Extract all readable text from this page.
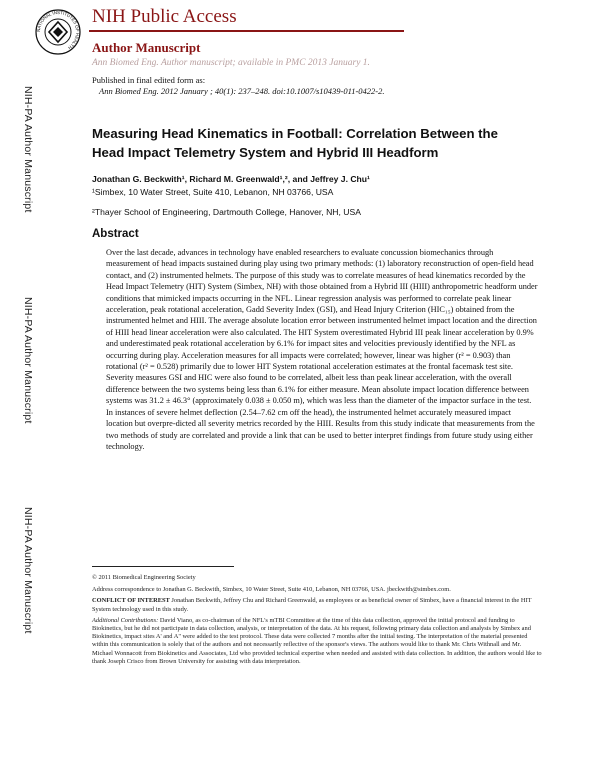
NATIONAL INSTITUTES OF HEALTH
NIH Public Access
Author Manuscript
Ann Biomed Eng. Author manuscript; available in PMC 2013 January 1.
Published in final edited form as:
Ann Biomed Eng. 2012 January ; 40(1): 237–248. doi:10.1007/s10439-011-0422-2.
NIH-PA Author Manuscript
NIH-PA Author Manuscript
NIH-PA Author Manuscript
Measuring Head Kinematics in Football: Correlation Between the Head Impact Telemetry System and Hybrid III Headform
Jonathan G. Beckwith¹, Richard M. Greenwald¹,², and Jeffrey J. Chu¹
¹Simbex, 10 Water Street, Suite 410, Lebanon, NH 03766, USA
²Thayer School of Engineering, Dartmouth College, Hanover, NH, USA
Abstract

Over the last decade, advances in technology have enabled researchers to evaluate concussion biomechanics through measurement of head impacts sustained during play using two primary methods: (1) laboratory reconstruction of open-field head contact, and (2) instrumented helmets. The purpose of this study was to correlate measures of head kinematics recorded by the Head Impact Telemetry (HIT) System (Simbex, NH) with those obtained from a Hybrid III (HIII) anthropometric headform under conditions that mimicked impacts occurring in the NFL. Linear regression analysis was performed to correlate peak linear acceleration, peak rotational acceleration, Gadd Severity Index (GSI), and Head Injury Criterion (HIC₁₅) obtained from the instrumented helmet and HIII. The average absolute location error between instrumented helmet impact location and the direction of HIII head linear acceleration were also calculated. The HIT System overestimated Hybrid III peak linear acceleration by 0.9% and underestimated peak rotational acceleration by 6.1% for impact sites and velocities previously identified by the NFL as occurring during play. Acceleration measures for all impacts were correlated; however, linear was higher (r² = 0.903) than rotational (r² = 0.528) primarily due to lower HIT System rotational acceleration estimates at the frontal facemask test site. Severity measures GSI and HIC were also found to be correlated, albeit less than peak linear acceleration, with the overall difference between the two systems being less than 6.1% for either measure. Mean absolute impact location difference between systems was 31.2 ± 46.3° (approximately 0.038 ± 0.050 m), which was less than the diameter of the impactor surface in the test. In instances of severe helmet deflection (2.54–7.62 cm off the head), the instrumented helmet accurately measured impact location but overpre-dicted all severity metrics recorded by the HIII. Results from this study indicate that measurements from the two methods of study are correlated and provide a link that can be used to better interpret findings from future study using either technology.

© 2011 Biomedical Engineering Society

Address correspondence to Jonathan G. Beckwith, Simbex, 10 Water Street, Suite 410, Lebanon, NH 03766, USA. jbeckwith@simbex.com.

CONFLICT OF INTEREST Jonathan Beckwith, Jeffrey Chu and Richard Greenwald, as employees or as beneficial owner of Simbex, have a financial interest in the HIT System technology used in this study.

Additional Contributions: David Viano, as co-chairman of the NFL's mTBI Committee at the time of this data collection, approved the initial protocol and funding to Biokinetics, but he did not participate in data collection, analysis, or interpretation of the data. At his request, following primary data collection and analysis by Simbex and Biokinetics, impact sites A' and A" were added to the test protocol. These data were collected 7 months after the initial testing. The interpretation of the material presented within this communication is solely that of the authors and not necessarily reflective of the sponsor's views. The authors would like to thank Mr. Chris Withnall and Mr. Michael Wonnacott from Biokinetics and Associates, Ltd who provided technical expertise when needed and assisted with data collection. In addition, the authors would like to thank Joseph Crisco from Brown University for assisting with data interpretation.
